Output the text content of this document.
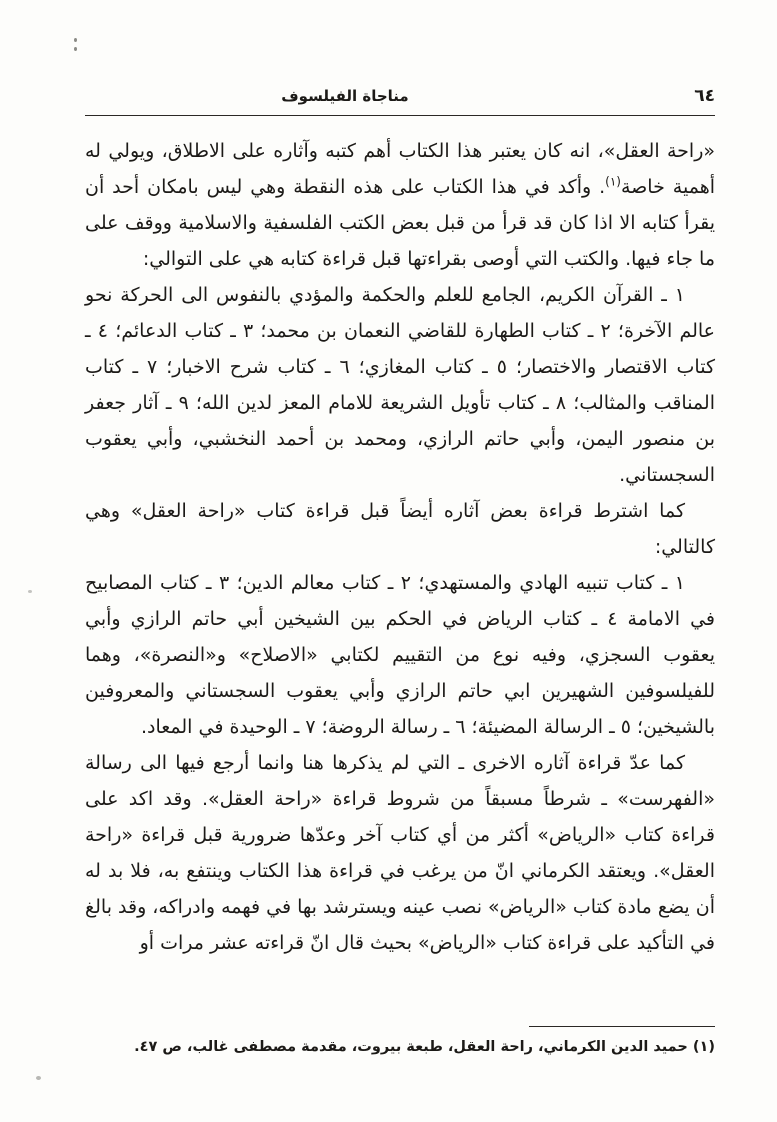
مناجاة الفيلسوف	٦٤

«راحة العقل»، انه كان يعتبر هذا الكتاب أهم كتبه وآثاره على الاطلاق، ويولي له أهمية خاصة$^{(١)}$. وأكد في هذا الكتاب على هذه النقطة وهي ليس بامكان أحد أن يقرأ كتابه الا اذا كان قد قرأ من قبل بعض الكتب الفلسفية والاسلامية ووقف على ما جاء فيها. والكتب التي أوصى بقراءتها قبل قراءة كتابه هي على التوالي:

١ ـ القرآن الكريم، الجامع للعلم والحكمة والمؤدي بالنفوس الى الحركة نحو عالم الآخرة؛ ٢ ـ كتاب الطهارة للقاضي النعمان بن محمد؛ ٣ ـ كتاب الدعائم؛ ٤ ـ كتاب الاقتصار والاختصار؛ ٥ ـ كتاب المغازي؛ ٦ ـ كتاب شرح الاخبار؛ ٧ ـ كتاب المناقب والمثالب؛ ٨ ـ كتاب تأويل الشريعة للامام المعز لدين الله؛ ٩ ـ آثار جعفر بن منصور اليمن، وأبي حاتم الرازي، ومحمد بن أحمد النخشبي، وأبي يعقوب السجستاني.

كما اشترط قراءة بعض آثاره أيضاً قبل قراءة كتاب «راحة العقل» وهي كالتالي:

١ ـ كتاب تنبيه الهادي والمستهدي؛ ٢ ـ كتاب معالم الدين؛ ٣ ـ كتاب المصابيح في الامامة ٤ ـ كتاب الرياض في الحكم بين الشيخين أبي حاتم الرازي وأبي يعقوب السجزي، وفيه نوع من التقييم لكتابي «الاصلاح» و«النصرة»، وهما للفيلسوفين الشهيرين ابي حاتم الرازي وأبي يعقوب السجستاني والمعروفين بالشيخين؛ ٥ ـ الرسالة المضيئة؛ ٦ ـ رسالة الروضة؛ ٧ ـ الوحيدة في المعاد.

كما عدّ قراءة آثاره الاخرى ـ التي لم يذكرها هنا وانما أرجع فيها الى رسالة «الفهرست» ـ شرطاً مسبقاً من شروط قراءة «راحة العقل». وقد اكد على قراءة كتاب «الرياض» أكثر من أي كتاب آخر وعدّها ضرورية قبل قراءة «راحة العقل». ويعتقد الكرماني انّ من يرغب في قراءة هذا الكتاب وينتفع به، فلا بد له أن يضع مادة كتاب «الرياض» نصب عينه ويسترشد بها في فهمه وادراكه، وقد بالغ في التأكيد على قراءة كتاب «الرياض» بحيث قال انّ قراءته عشر مرات أو

(١) حميد الدين الكرماني، راحة العقل، طبعة بيروت، مقدمة مصطفى غالب، ص ٤٧.
